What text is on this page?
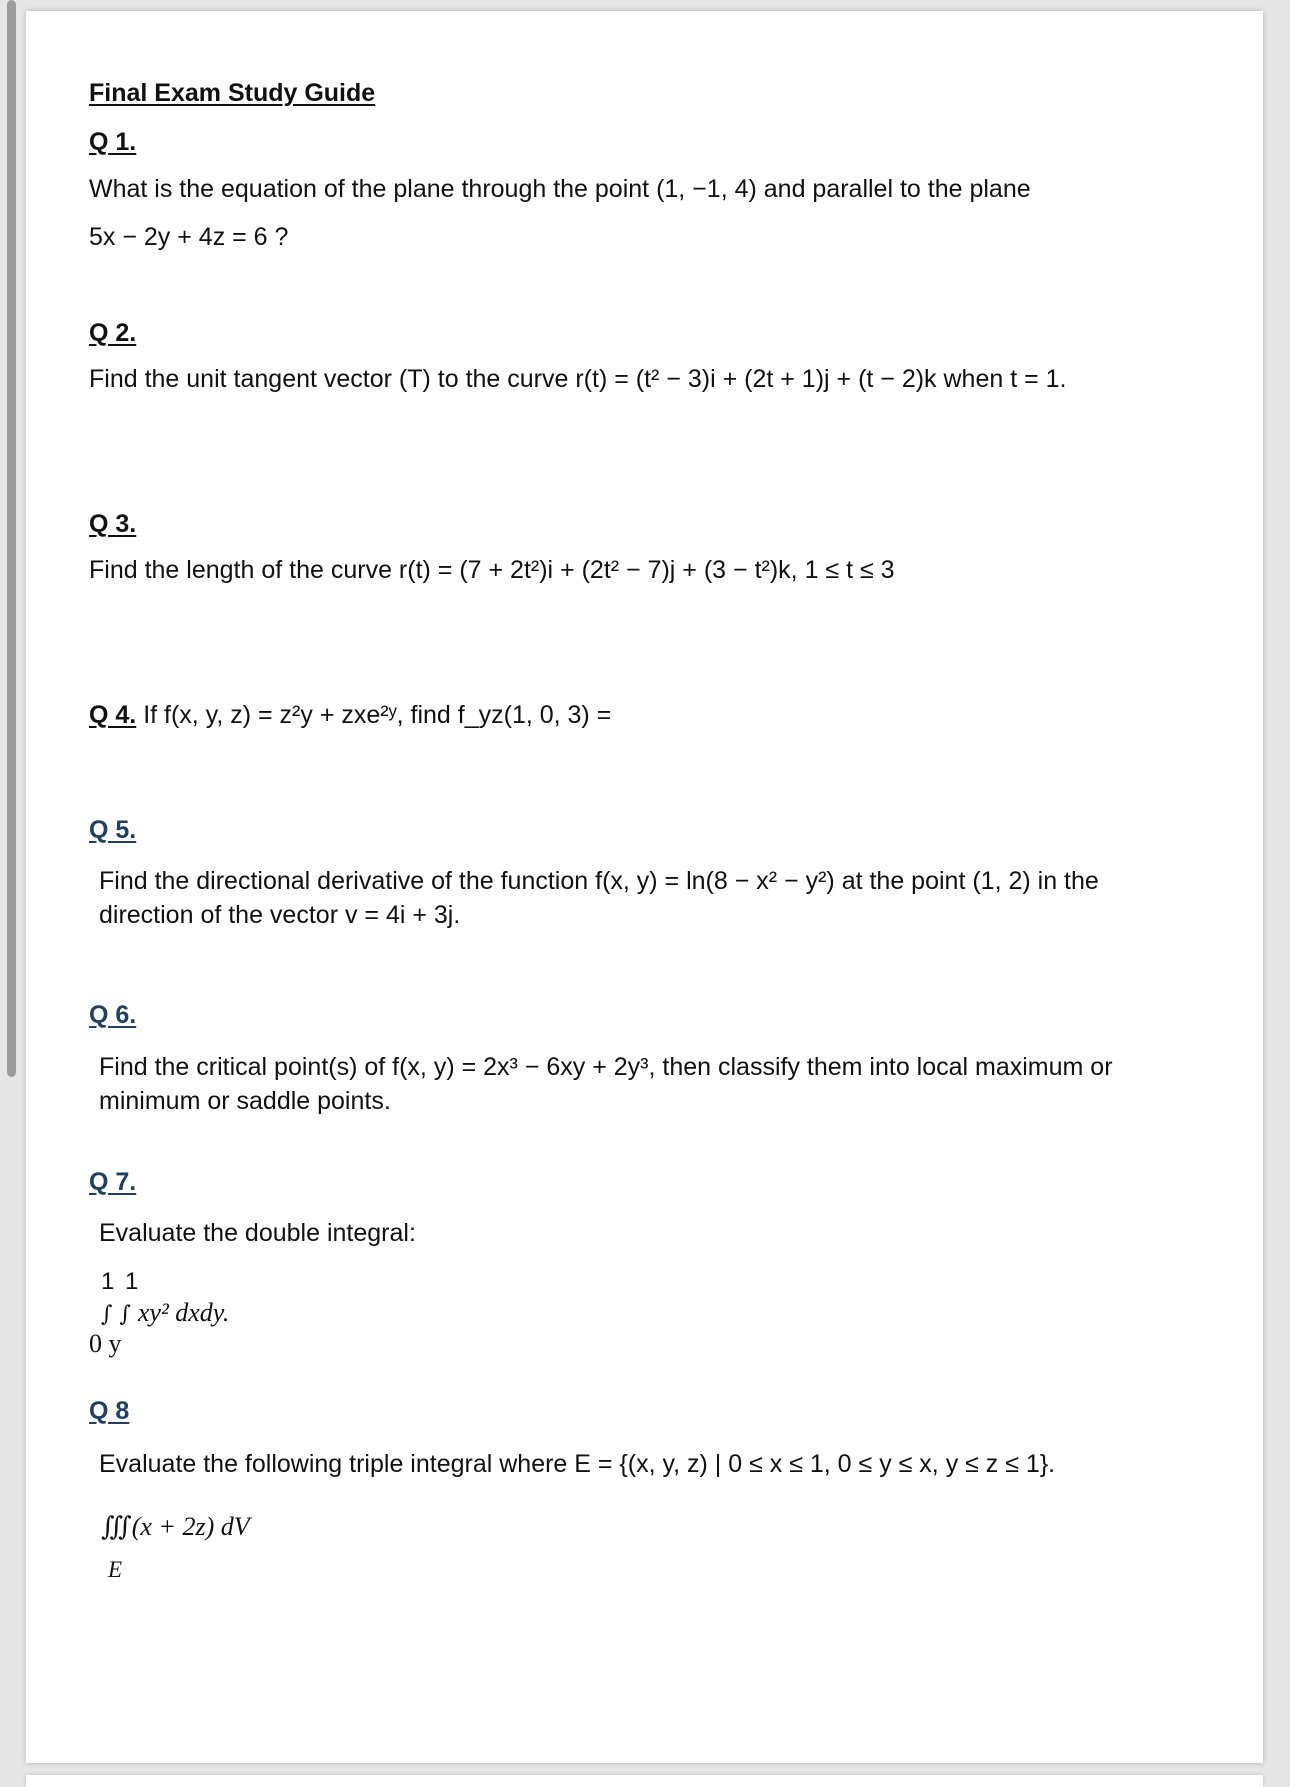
Final Exam Study Guide
Q 1.
What is the equation of the plane through the point (1, −1, 4) and parallel to the plane
5x − 2y + 4z = 6 ?
Q 2.
Find the unit tangent vector (T) to the curve r(t) = (t² − 3)i + (2t + 1)j + (t − 2)k when t = 1.
Q 3.
Find the length of the curve r(t) = (7 + 2t²)i + (2t² − 7)j + (3 − t²)k, 1 ≤ t ≤ 3
Q 4. If f(x, y, z) = z²y + zxe²ʸ, find f_yz(1, 0, 3) =
Q 5.
Find the directional derivative of the function f(x, y) = ln(8 − x² − y²) at the point (1, 2) in the
direction of the vector v = 4i + 3j.
Q 6.
Find the critical point(s) of f(x, y) = 2x³ − 6xy + 2y³, then classify them into local maximum or
minimum or saddle points.
Q 7.
Evaluate the double integral:
1 1
∫ ∫ xy² dxdy.
0 y
Q 8
Evaluate the following triple integral where E = {(x, y, z) | 0 ≤ x ≤ 1, 0 ≤ y ≤ x, y ≤ z ≤ 1}.
∭(x + 2z) dV
E
